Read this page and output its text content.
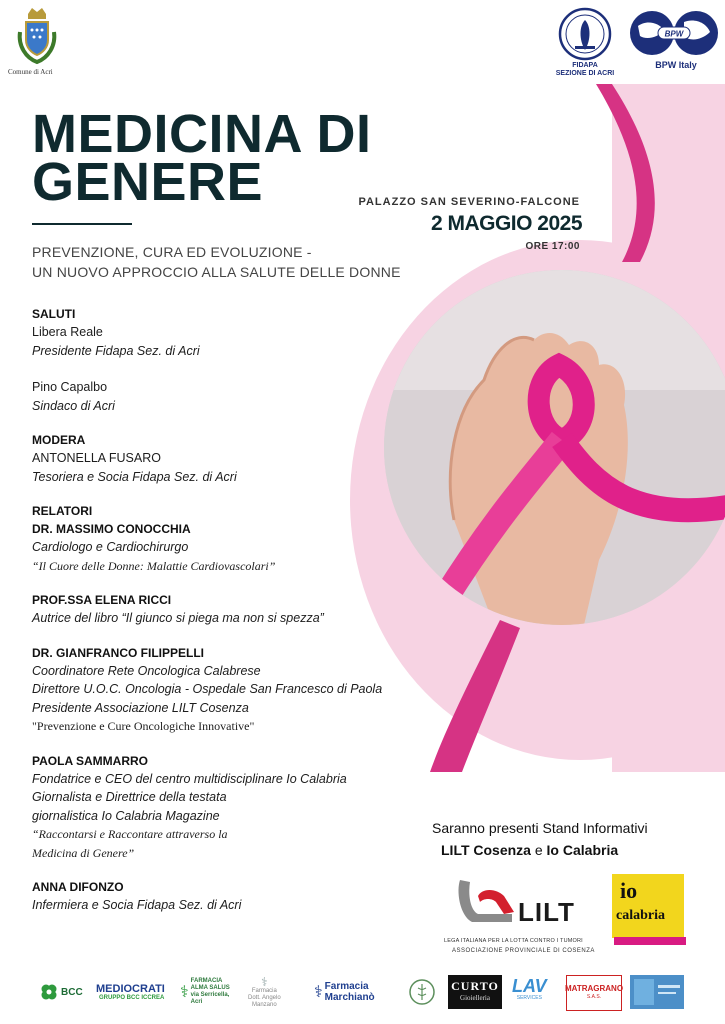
Comune di Acri
FIDAPA
SEZIONE DI ACRI
BPW
BPW Italy
MEDICINA DI
GENERE	PALAZZO SAN SEVERINO-FALCONE
2 MAGGIO 2025
ORE 17:00
PREVENZIONE, CURA ED EVOLUZIONE -
UN NUOVO APPROCCIO ALLA SALUTE DELLE DONNE
SALUTI
Libera Reale
Presidente Fidapa Sez. di Acri
Pino Capalbo
Sindaco di Acri
MODERA
ANTONELLA FUSARO
Tesoriera e Socia Fidapa Sez. di Acri
RELATORI
DR. MASSIMO CONOCCHIA
Cardiologo e Cardiochirurgo
“Il Cuore delle Donne: Malattie Cardiovascolari”
PROF.SSA ELENA RICCI
Autrice del libro “Il giunco si piega ma non si spezza”
DR. GIANFRANCO FILIPPELLI
Coordinatore Rete Oncologica Calabrese
Direttore U.O.C. Oncologia - Ospedale San Francesco di Paola
Presidente Associazione LILT Cosenza
"Prevenzione e Cure Oncologiche Innovative"
PAOLA SAMMARRO
Fondatrice e CEO del centro multidisciplinare Io Calabria
Giornalista e Direttrice della testata
giornalistica Io Calabria Magazine
“Raccontarsi e Raccontare attraverso la
Medicina di Genere”
ANNA DIFONZO
Infermiera e Socia Fidapa Sez. di Acri
Saranno presenti Stand Informativi
LILT Cosenza e Io Calabria
LILT
LEGA ITALIANA PER LA LOTTA CONTRO I TUMORI
ASSOCIAZIONE PROVINCIALE DI COSENZA
io
calabria
BCC MEDIOCRATI
GRUPPO BCC ICCREA ⚕
FARMACIA
ALMA SALUS
via Serricella,
Acri
⚕
Farmacia
Dott. Angelo
Manzano
⚕ Farmacia
Marchianò
CURTO
Gioielleria
LAV
SERVICES
MATRAGRANO
S.A.S.
